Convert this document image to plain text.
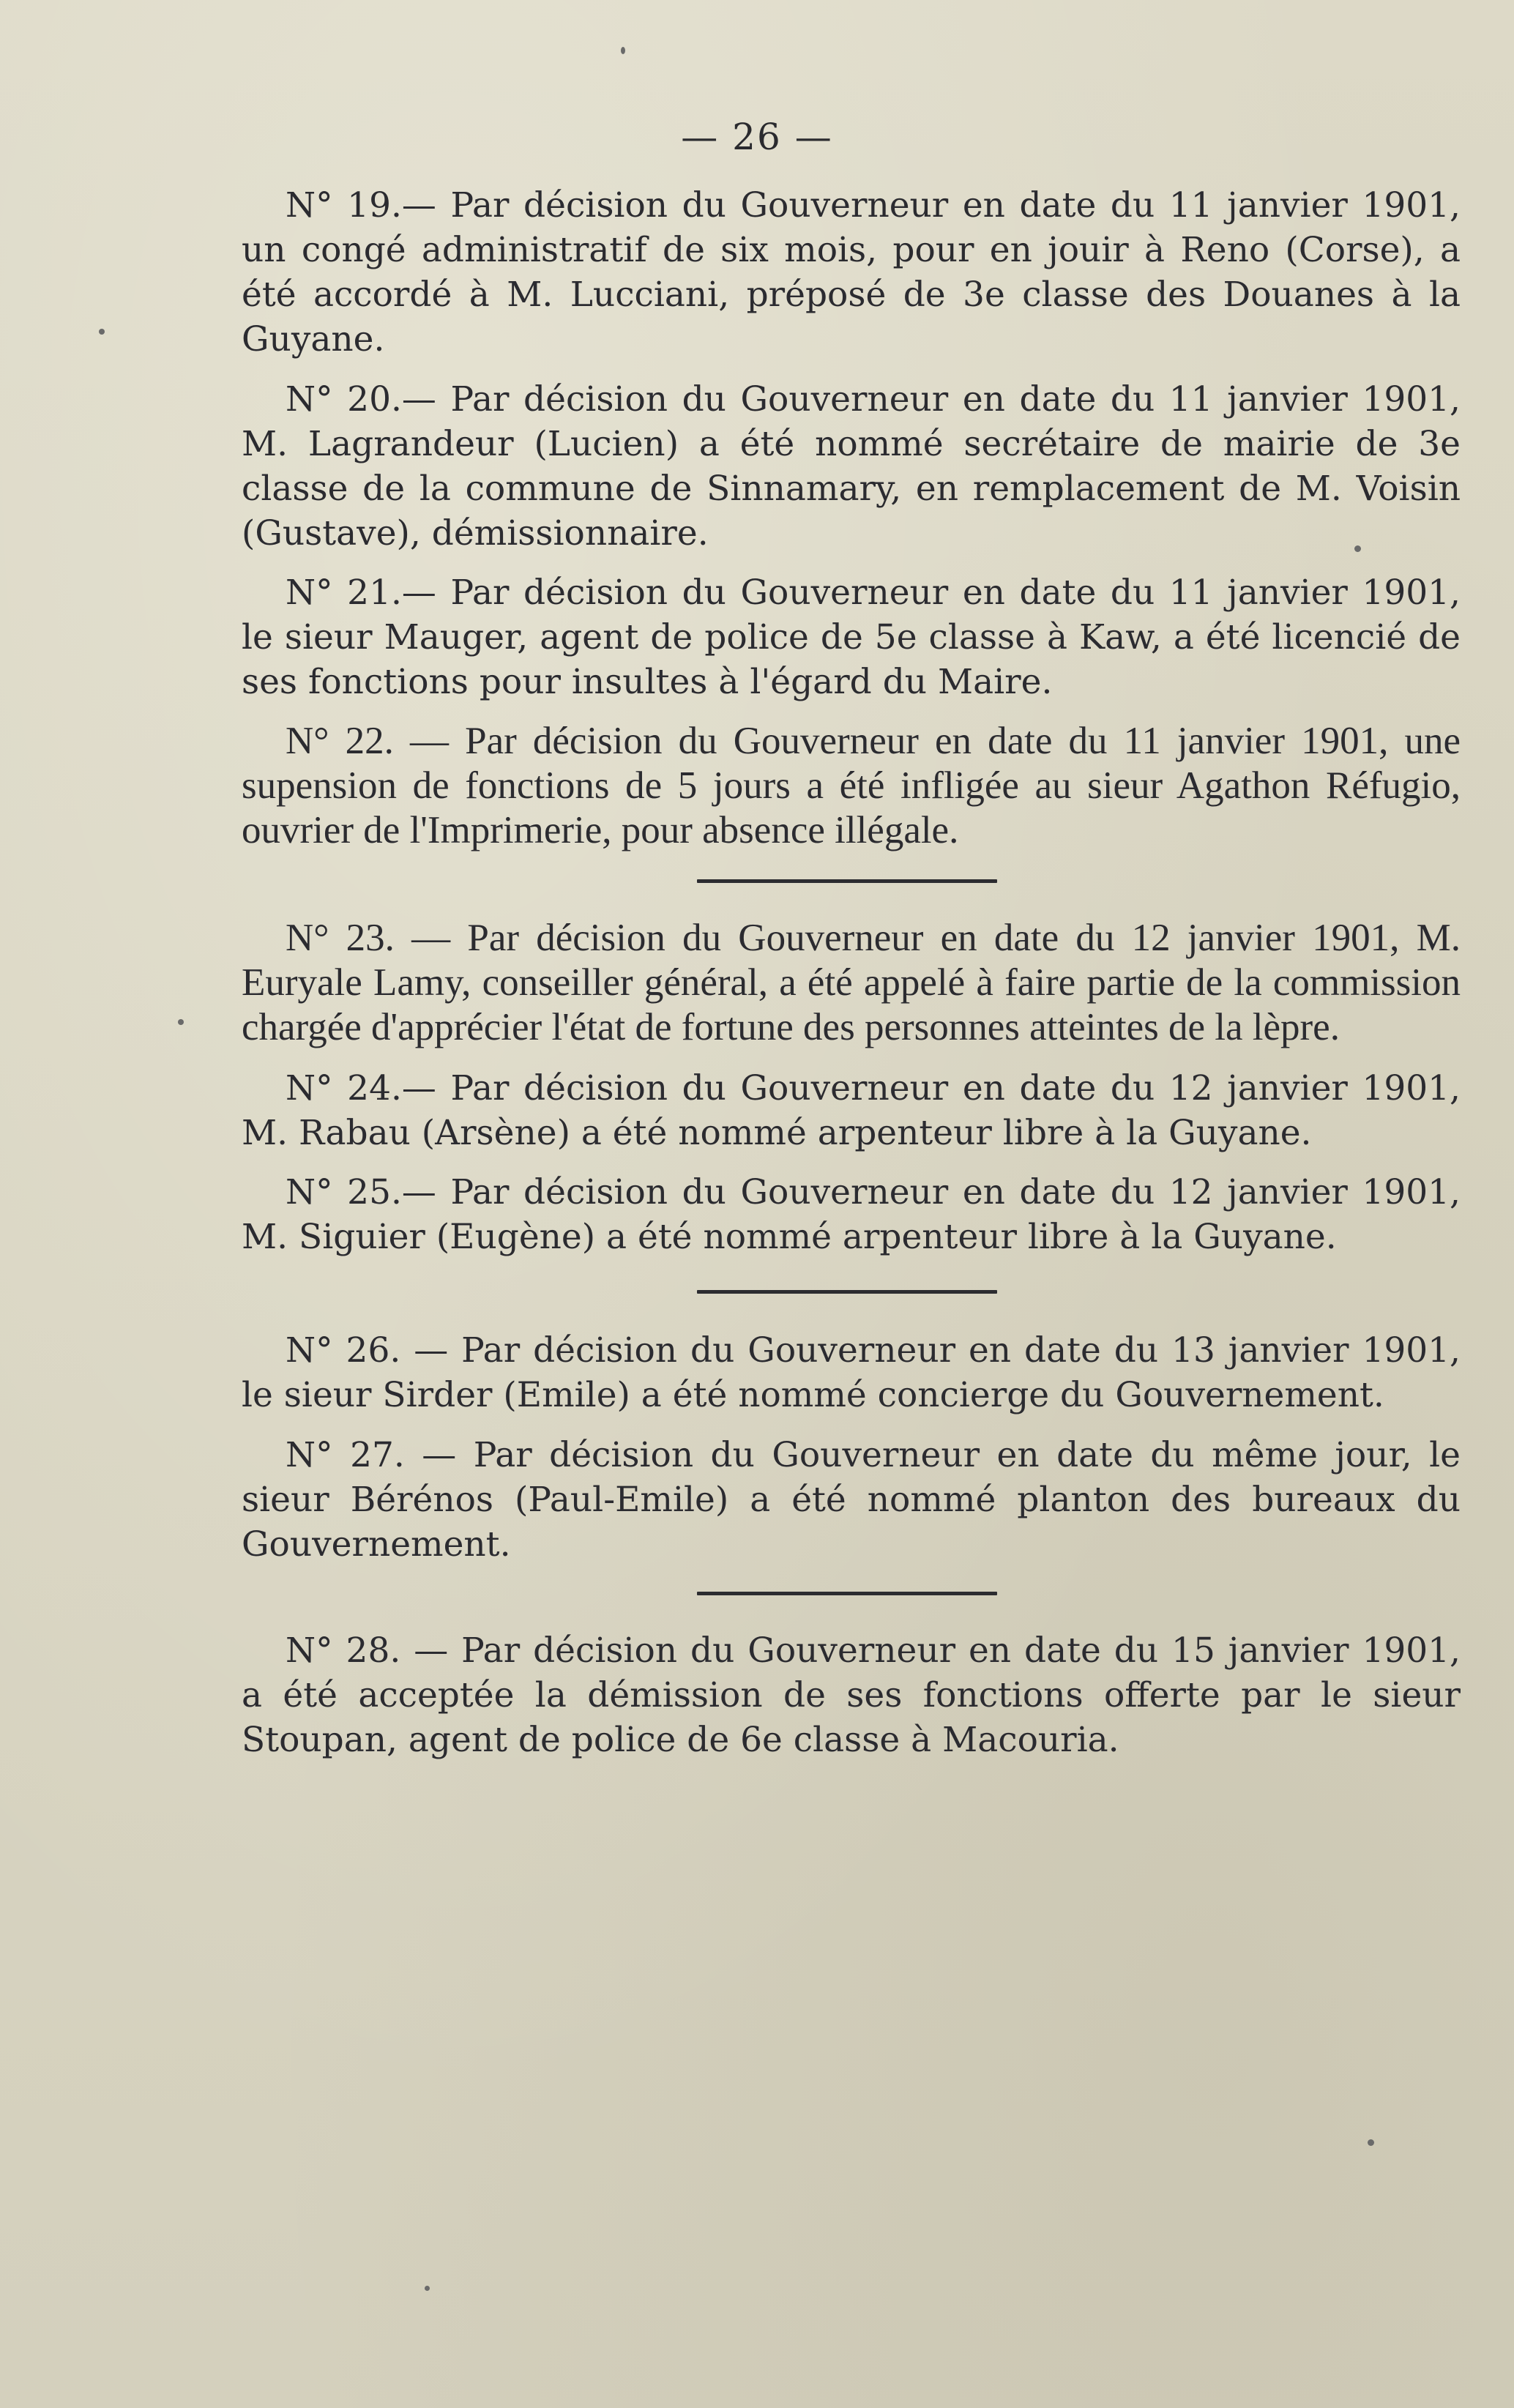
— 26 —

N° 19.— Par décision du Gouverneur en date du 11 janvier 1901, un congé administratif de six mois, pour en jouir à Reno (Corse), a été accordé à M. Lucciani, préposé de 3e classe des Douanes à la Guyane.

N° 20.— Par décision du Gouverneur en date du 11 janvier 1901, M. Lagrandeur (Lucien) a été nommé secrétaire de mairie de 3e classe de la commune de Sinnamary, en remplacement de M. Voisin (Gustave), démissionnaire.

N° 21.— Par décision du Gouverneur en date du 11 janvier 1901, le sieur Mauger, agent de police de 5e classe à Kaw, a été licencié de ses fonctions pour insultes à l'égard du Maire.

N° 22. — Par décision du Gouverneur en date du 11 janvier 1901, une supension de fonctions de 5 jours a été infligée au sieur Agathon Réfugio, ouvrier de l'Imprimerie, pour absence illégale.

N° 23. — Par décision du Gouverneur en date du 12 janvier 1901, M. Euryale Lamy, conseiller général, a été appelé à faire partie de la commission chargée d'apprécier l'état de fortune des personnes atteintes de la lèpre.

N° 24.— Par décision du Gouverneur en date du 12 janvier 1901, M. Rabau (Arsène) a été nommé arpenteur libre à la Guyane.

N° 25.— Par décision du Gouverneur en date du 12 janvier 1901, M. Siguier (Eugène) a été nommé arpenteur libre à la Guyane.

N° 26. — Par décision du Gouverneur en date du 13 janvier 1901, le sieur Sirder (Emile) a été nommé concierge du Gouvernement.

N° 27. — Par décision du Gouverneur en date du même jour, le sieur Bérénos (Paul-Emile) a été nommé planton des bureaux du Gouvernement.

N° 28. — Par décision du Gouverneur en date du 15 janvier 1901, a été acceptée la démission de ses fonctions offerte par le sieur Stoupan, agent de police de 6e classe à Macouria.
